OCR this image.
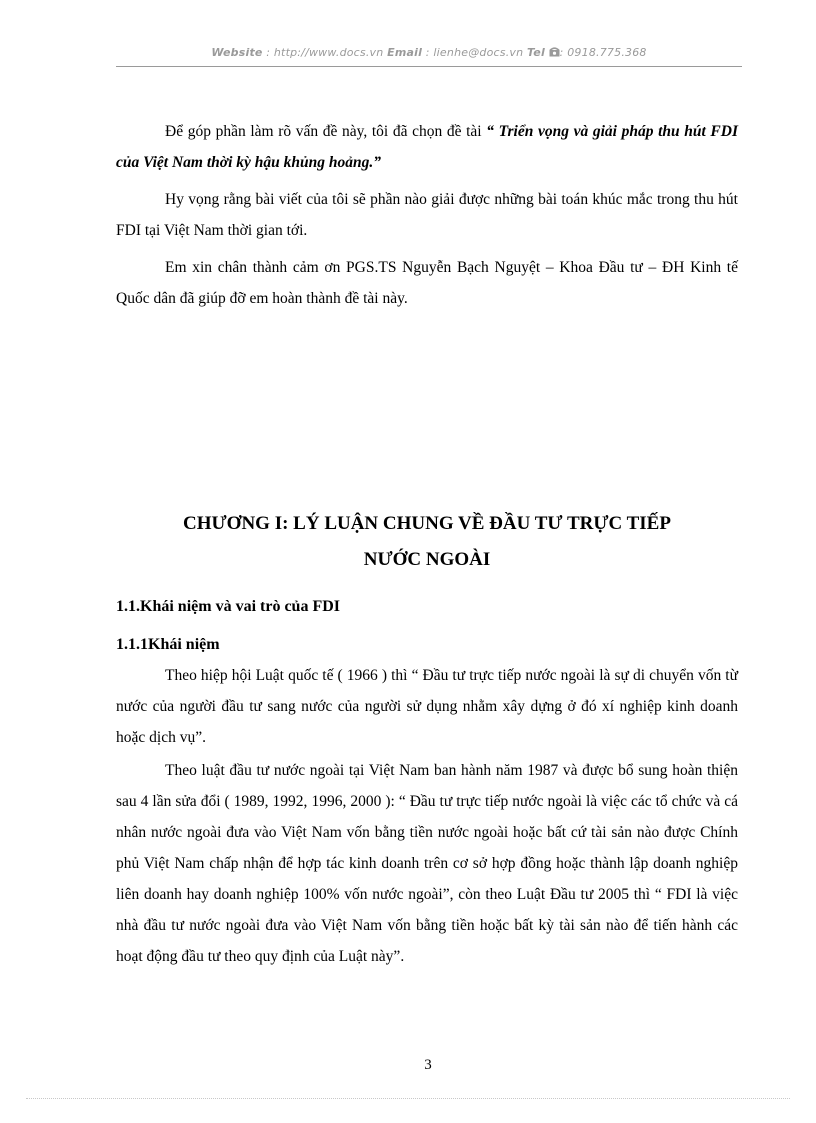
Website : http://www.docs.vn Email : lienhe@docs.vn Tel : 0918.775.368

Để góp phần làm rõ vấn đề này, tôi đã chọn đề tài “ Triển vọng và giải pháp thu hút FDI của Việt Nam thời kỳ hậu khủng hoảng.”

Hy vọng rằng bài viết của tôi sẽ phần nào giải được những bài toán khúc mắc trong thu hút FDI tại Việt Nam thời gian tới.

Em xin chân thành cảm ơn PGS.TS Nguyễn Bạch Nguyệt – Khoa Đầu tư – ĐH Kinh tế Quốc dân đã giúp đỡ em hoàn thành đề tài này.

CHƯƠNG I: LÝ LUẬN CHUNG VỀ ĐẦU TƯ TRỰC TIẾP
NƯỚC NGOÀI
1.1.Khái niệm và vai trò của FDI
1.1.1Khái niệm

Theo hiệp hội Luật quốc tế ( 1966 ) thì “ Đầu tư trực tiếp nước ngoài là sự di chuyển vốn từ nước của người đầu tư sang nước của người sử dụng nhằm xây dựng ở đó xí nghiệp kinh doanh hoặc dịch vụ”.

Theo luật đầu tư nước ngoài tại Việt Nam ban hành năm 1987 và được bổ sung hoàn thiện sau 4 lần sửa đổi ( 1989, 1992, 1996, 2000 ): “ Đầu tư trực tiếp nước ngoài là việc các tổ chức và cá nhân nước ngoài đưa vào Việt Nam vốn bằng tiền nước ngoài hoặc bất cứ tài sản nào được Chính phủ Việt Nam chấp nhận để hợp tác kinh doanh trên cơ sở hợp đồng hoặc thành lập doanh nghiệp liên doanh hay doanh nghiệp 100% vốn nước ngoài”, còn theo Luật Đầu tư 2005 thì “ FDI là việc nhà đầu tư nước ngoài đưa vào Việt Nam vốn bằng tiền hoặc bất kỳ tài sản nào để tiến hành các hoạt động đầu tư theo quy định của Luật này”.

3
